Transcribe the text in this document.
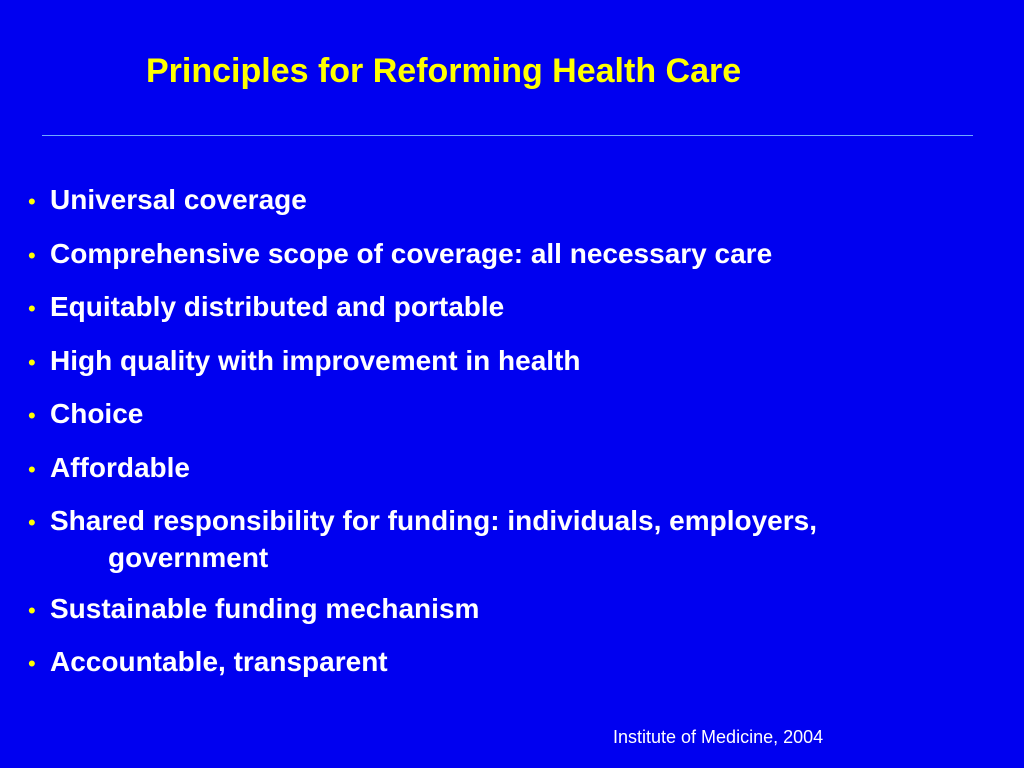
Principles for Reforming Health Care
• Universal coverage
• Comprehensive scope of coverage: all necessary care
• Equitably distributed and portable
• High quality with improvement in health
• Choice
• Affordable
• Shared responsibility for funding: individuals, employers,
government
• Sustainable funding mechanism
• Accountable, transparent

Institute of Medicine, 2004
